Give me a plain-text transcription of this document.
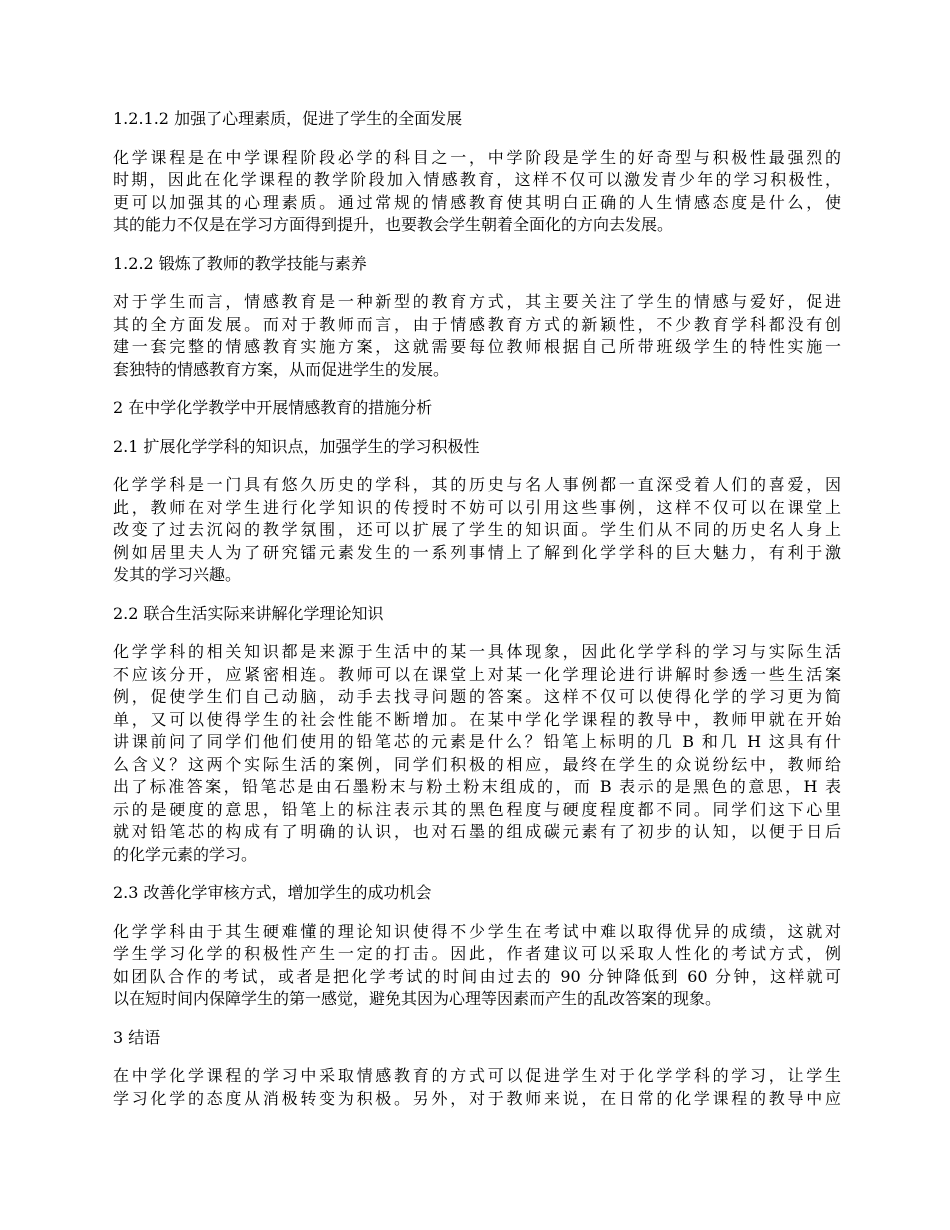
1.2.1.2 加强了心理素质，促进了学生的全面发展
化学课程是在中学课程阶段必学的科目之一，中学阶段是学生的好奇型与积极性最强烈的
时期，因此在化学课程的教学阶段加入情感教育，这样不仅可以激发青少年的学习积极性，
更可以加强其的心理素质。通过常规的情感教育使其明白正确的人生情感态度是什么，使
其的能力不仅是在学习方面得到提升，也要教会学生朝着全面化的方向去发展。
1.2.2 锻炼了教师的教学技能与素养
对于学生而言，情感教育是一种新型的教育方式，其主要关注了学生的情感与爱好，促进
其的全方面发展。而对于教师而言，由于情感教育方式的新颖性，不少教育学科都没有创
建一套完整的情感教育实施方案，这就需要每位教师根据自己所带班级学生的特性实施一
套独特的情感教育方案，从而促进学生的发展。
2 在中学化学教学中开展情感教育的措施分析
2.1 扩展化学学科的知识点，加强学生的学习积极性
化学学科是一门具有悠久历史的学科，其的历史与名人事例都一直深受着人们的喜爱，因
此，教师在对学生进行化学知识的传授时不妨可以引用这些事例，这样不仅可以在课堂上
改变了过去沉闷的教学氛围，还可以扩展了学生的知识面。学生们从不同的历史名人身上
例如居里夫人为了研究镭元素发生的一系列事情上了解到化学学科的巨大魅力，有利于激
发其的学习兴趣。
2.2 联合生活实际来讲解化学理论知识
化学学科的相关知识都是来源于生活中的某一具体现象，因此化学学科的学习与实际生活
不应该分开，应紧密相连。教师可以在课堂上对某一化学理论进行讲解时参透一些生活案
例，促使学生们自己动脑，动手去找寻问题的答案。这样不仅可以使得化学的学习更为简
单，又可以使得学生的社会性能不断增加。在某中学化学课程的教导中，教师甲就在开始
讲课前问了同学们他们使用的铅笔芯的元素是什么？铅笔上标明的几 B 和几 H 这具有什
么含义？这两个实际生活的案例，同学们积极的相应，最终在学生的众说纷纭中，教师给
出了标准答案，铅笔芯是由石墨粉末与粉土粉末组成的，而 B 表示的是黑色的意思，H 表
示的是硬度的意思，铅笔上的标注表示其的黑色程度与硬度程度都不同。同学们这下心里
就对铅笔芯的构成有了明确的认识，也对石墨的组成碳元素有了初步的认知，以便于日后
的化学元素的学习。
2.3 改善化学审核方式，增加学生的成功机会
化学学科由于其生硬难懂的理论知识使得不少学生在考试中难以取得优异的成绩，这就对
学生学习化学的积极性产生一定的打击。因此，作者建议可以采取人性化的考试方式，例
如团队合作的考试，或者是把化学考试的时间由过去的 90 分钟降低到 60 分钟，这样就可
以在短时间内保障学生的第一感觉，避免其因为心理等因素而产生的乱改答案的现象。
3 结语
在中学化学课程的学习中采取情感教育的方式可以促进学生对于化学学科的学习，让学生
学习化学的态度从消极转变为积极。另外，对于教师来说，在日常的化学课程的教导中应
